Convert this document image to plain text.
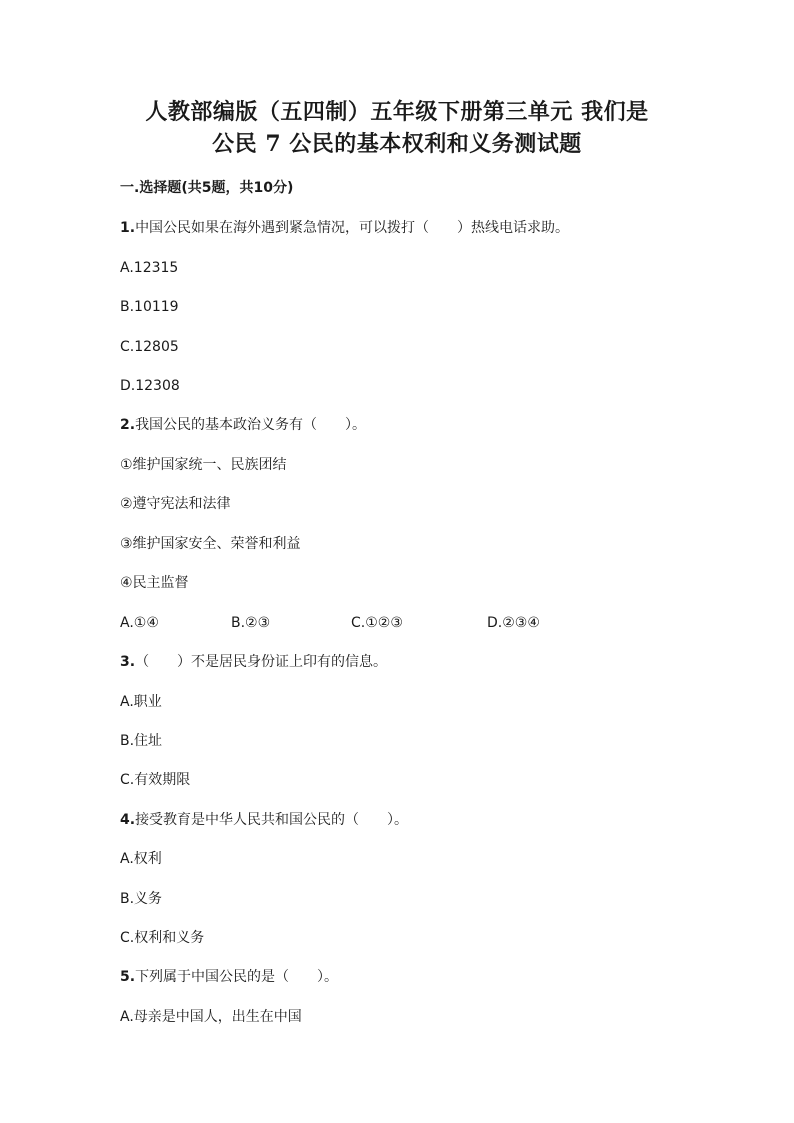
人教部编版（五四制）五年级下册第三单元 我们是
公民 7 公民的基本权利和义务测试题
一.选择题(共5题，共10分)
1.中国公民如果在海外遇到紧急情况，可以拨打（　　）热线电话求助。
A.12315
B.10119
C.12805
D.12308
2.我国公民的基本政治义务有（　　）。
①维护国家统一、民族团结
②遵守宪法和法律
③维护国家安全、荣誉和利益
④民主监督
A.①④	B.②③	C.①②③	D.②③④
3.（　　）不是居民身份证上印有的信息。
A.职业
B.住址
C.有效期限
4.接受教育是中华人民共和国公民的（　　）。
A.权利
B.义务
C.权利和义务
5.下列属于中国公民的是（　　）。
A.母亲是中国人，出生在中国
